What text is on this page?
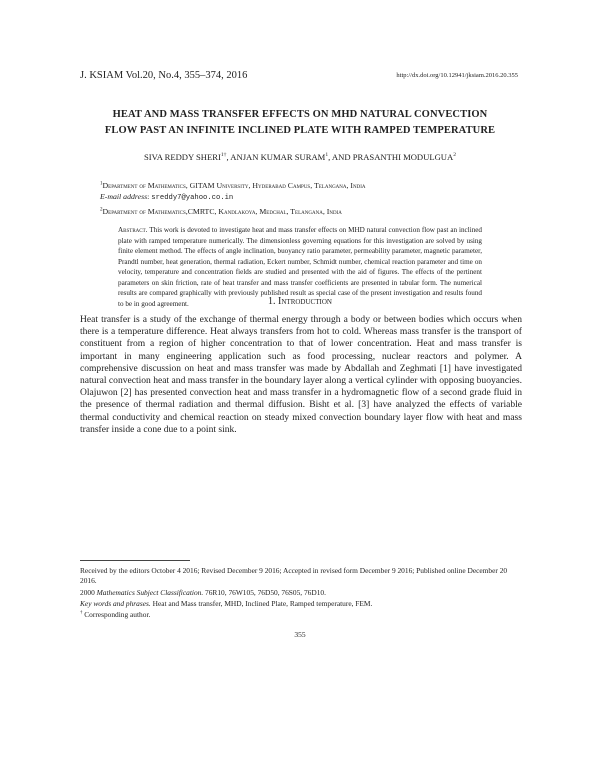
J. KSIAM Vol.20, No.4, 355–374, 2016	http://dx.doi.org/10.12941/jksiam.2016.20.355
HEAT AND MASS TRANSFER EFFECTS ON MHD NATURAL CONVECTION
FLOW PAST AN INFINITE INCLINED PLATE WITH RAMPED TEMPERATURE
SIVA REDDY $SHERI^{1\dagger}$, ANJAN KUMAR SURAM$^1$, AND PRASANTHI MODULGUA$^2$
$^1$Department of Mathematics, GITAM University, Hyderabad Campus, Telangana, India
E-mail address: sreddy7@yahoo.co.in
$^2$Department of Mathematics,CMRTC, Kandlakoya, Medchal, Telangana, India
Abstract. This work is devoted to investigate heat and mass transfer effects on MHD natural convection flow past an inclined plate with ramped temperature numerically. The dimensionless governing equations for this investigation are solved by using finite element method. The effects of angle inclination, buoyancy ratio parameter, permeability parameter, magnetic parameter, Prandtl number, heat generation, thermal radiation, Eckert number, Schmidt number, chemical reaction parameter and time on velocity, temperature and concentration fields are studied and presented with the aid of figures. The effects of the pertinent parameters on skin friction, rate of heat transfer and mass transfer coefficients are presented in tabular form. The numerical results are compared graphically with previously published result as special case of the present investigation and results found to be in good agreement.	1. Introduction
Heat transfer is a study of the exchange of thermal energy through a body or between bodies which occurs when there is a temperature difference. Heat always transfers from hot to cold. Whereas mass transfer is the transport of constituent from a region of higher concentration to that of lower concentration. Heat and mass transfer is important in many engineering application such as food processing, nuclear reactors and polymer. A comprehensive discussion on heat and mass transfer was made by Abdallah and Zeghmati [1] have investigated natural convection heat and mass transfer in the boundary layer along a vertical cylinder with opposing buoyancies. Olajuwon [2] has presented convection heat and mass transfer in a hydromagnetic flow of a second grade fluid in the presence of thermal radiation and thermal diffusion. Bisht et al. [3] have analyzed the effects of variable thermal conductivity and chemical reaction on steady mixed convection boundary layer flow with heat and mass transfer inside a cone due to a point sink.
Received by the editors October 4 2016; Revised December 9 2016; Accepted in revised form December 9 2016; Published online December 20 2016.
2000 Mathematics Subject Classification. 76R10, 76W105, 76D50, 76S05, 76D10.
Key words and phrases. Heat and Mass transfer, MHD, Inclined Plate, Ramped temperature, FEM.
† Corresponding author.
355
